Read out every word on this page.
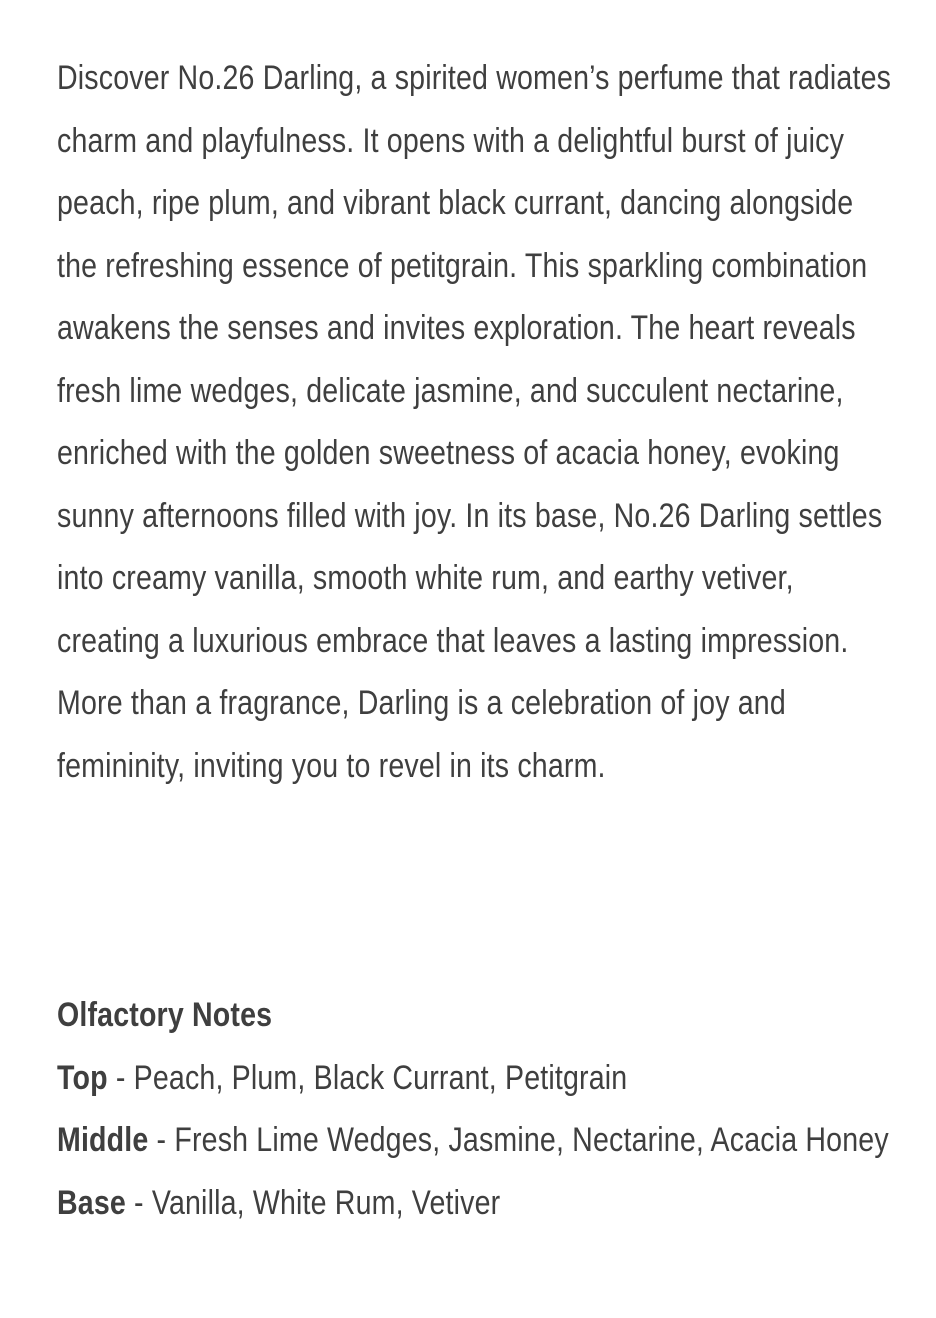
Discover No.26 Darling, a spirited women’s perfume that radiates charm and playfulness. It opens with a delightful burst of juicy peach, ripe plum, and vibrant black currant, dancing alongside the refreshing essence of petitgrain. This sparkling combination awakens the senses and invites exploration. The heart reveals fresh lime wedges, delicate jasmine, and succulent nectarine, enriched with the golden sweetness of acacia honey, evoking sunny afternoons filled with joy. In its base, No.26 Darling settles into creamy vanilla, smooth white rum, and earthy vetiver, creating a luxurious embrace that leaves a lasting impression. More than a fragrance, Darling is a celebration of joy and femininity, inviting you to revel in its charm.

Olfactory Notes

Top - Peach, Plum, Black Currant, Petitgrain

Middle - Fresh Lime Wedges, Jasmine, Nectarine, Acacia Honey

Base - Vanilla, White Rum, Vetiver
